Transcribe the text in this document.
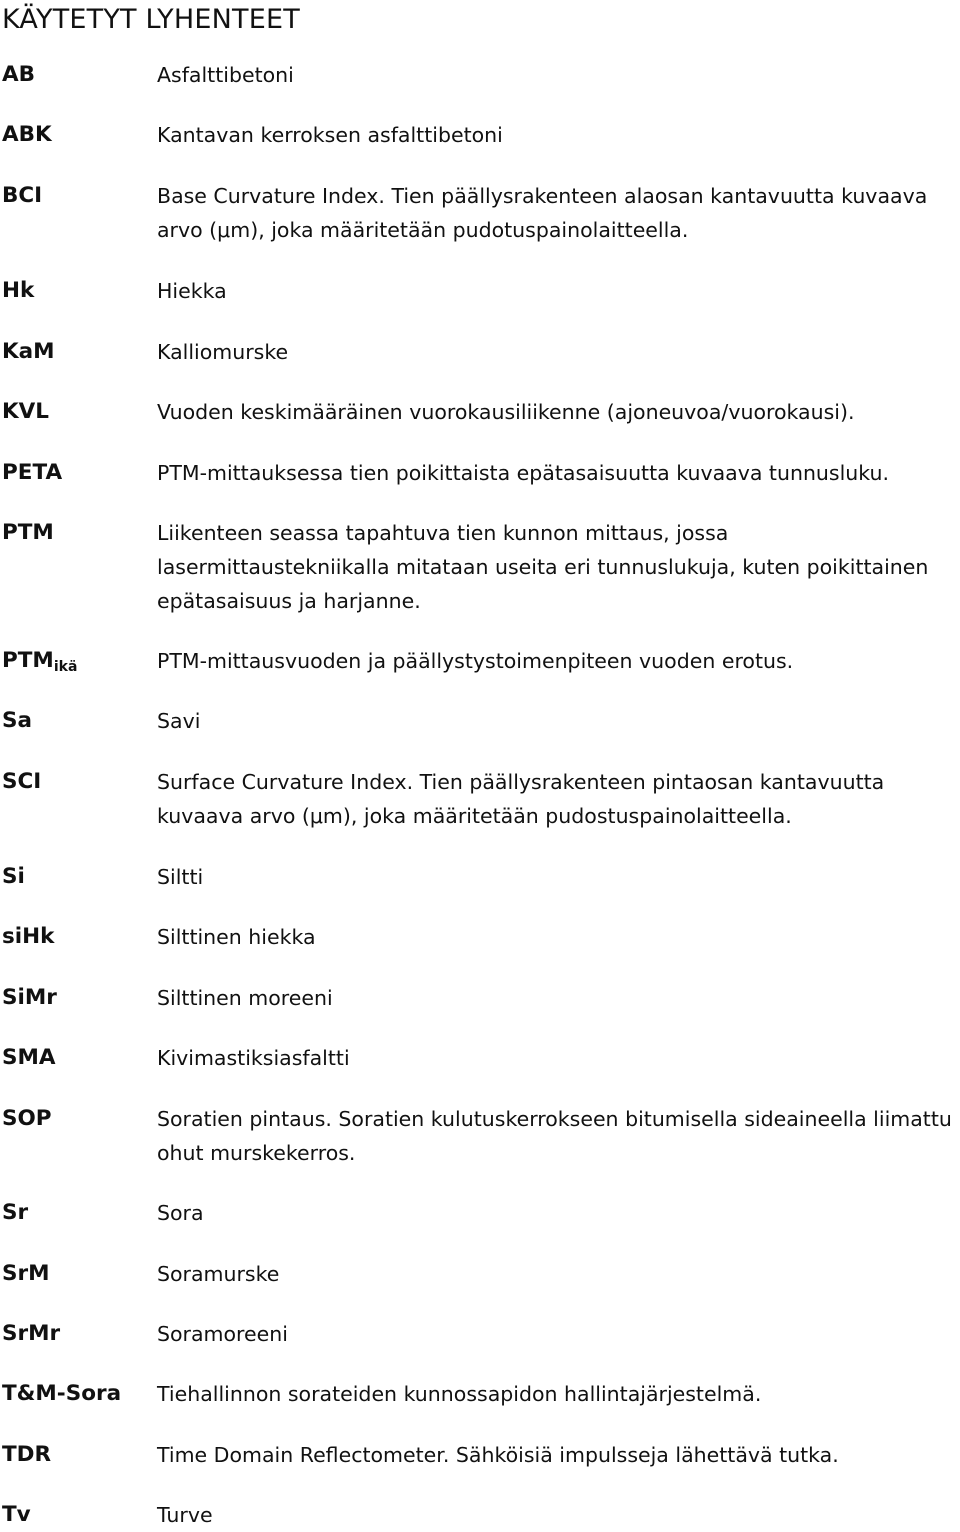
KÄYTETYT LYHENTEET
AB	Asfalttibetoni

ABK	Kantavan kerroksen asfalttibetoni

BCI	Base Curvature Index. Tien päällysrakenteen alaosan kantavuutta kuvaava arvo (μm), joka määritetään pudotuspainolaitteella.

Hk	Hiekka

KaM	Kalliomurske

KVL	Vuoden keskimääräinen vuorokausiliikenne (ajoneuvoa/vuorokausi).

PETA	PTM-mittauksessa tien poikittaista epätasaisuutta kuvaava tunnusluku.

PTM	Liikenteen seassa tapahtuva tien kunnon mittaus, jossa lasermittaustekniikalla mitataan useita eri tunnuslukuja, kuten poikittainen epätasaisuus ja harjanne.

$PTM_{ikä}$	PTM-mittausvuoden ja päällystystoimenpiteen vuoden erotus.

Sa	Savi

SCI	Surface Curvature Index. Tien päällysrakenteen pintaosan kantavuutta kuvaava arvo (μm), joka määritetään pudostuspainolaitteella.

Si	Siltti

siHk	Silttinen hiekka

SiMr	Silttinen moreeni

SMA	Kivimastiksiasfaltti

SOP	Soratien pintaus. Soratien kulutuskerrokseen bitumisella sideaineella liimattu ohut murskekerros.

Sr	Sora

SrM	Soramurske

SrMr	Soramoreeni

T&M-Sora Tiehallinnon sorateiden kunnossapidon hallintajärjestelmä.

TDR	Time Domain Reflectometer. Sähköisiä impulsseja lähettävä tutka.

Tv	Turve
